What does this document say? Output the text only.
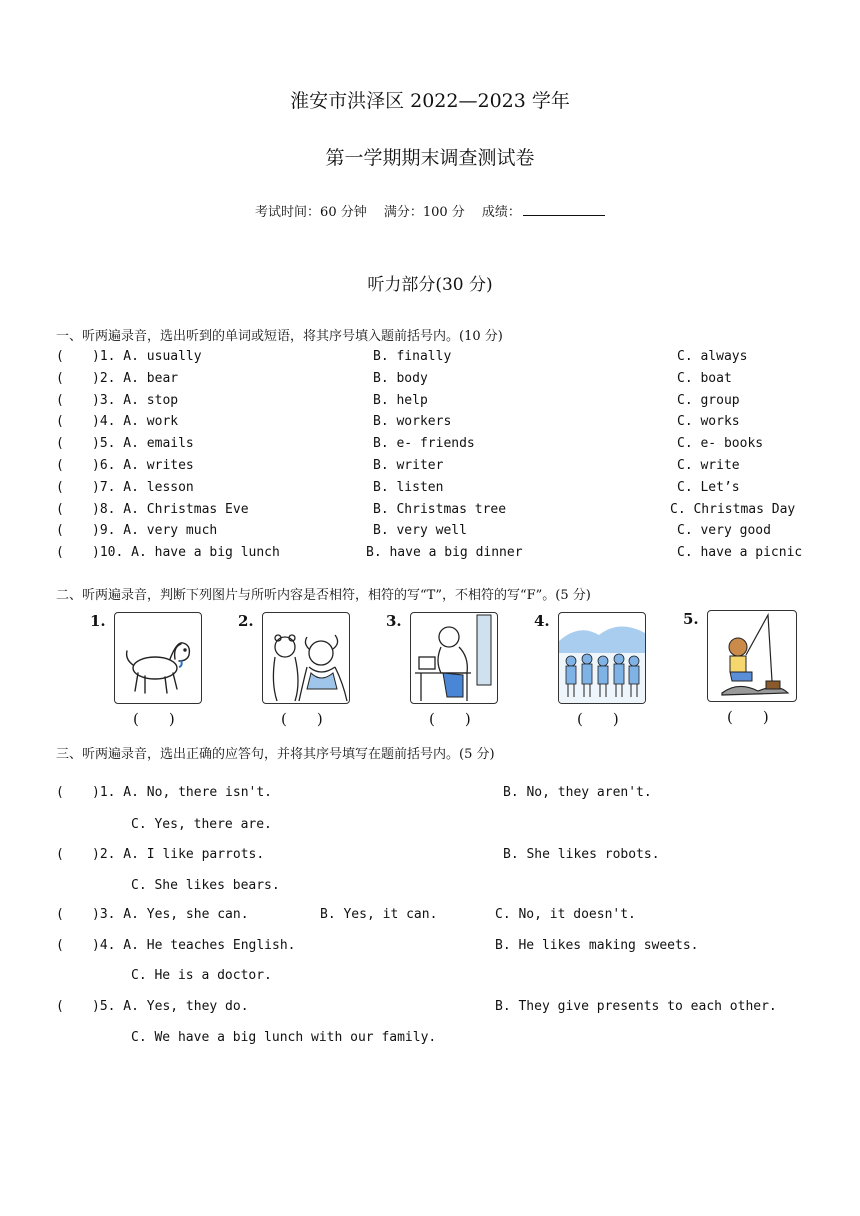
淮安市洪泽区 2022—2023 学年
第一学期期末调查测试卷
考试时间：60 分钟　 满分：100 分　 成绩：
听力部分(30 分)
一、听两遍录音，选出听到的单词或短语，将其序号填入题前括号内。(10 分)
( )1. A. usually	B. finally	C. always
( )2. A. bear	B. body	C. boat
( )3. A. stop	B. help	C. group
( )4. A. work	B. workers	C. works
( )5. A. emails	B. e- friends	C. e- books
( )6. A. writes	B. writer	C. write
( )7. A. lesson	B. listen	C. Let’s
( )8. A. Christmas Eve	B. Christmas tree	C. Christmas Day
( )9. A. very much	B. very well	C. very good
( )10. A. have a big lunch	B. have a big dinner	C. have a picnic
二、听两遍录音，判断下列图片与所听内容是否相符，相符的写“T”，不相符的写“F”。(5 分)
1.
(　　)
2.
(　　)
3.
(　　)
4.
(　　)
5.
(　　)
三、听两遍录音，选出正确的应答句，并将其序号填写在题前括号内。(5 分)
( )1. A. No, there isn't.	B. No, they aren't.
C. Yes, there are.
( )2. A. I like parrots.	B. She likes robots.
C. She likes bears.
( )3. A. Yes, she can.	B. Yes, it can.	C. No, it doesn't.
( )4. A. He teaches English.	B. He likes making sweets.
C. He is a doctor.
( )5. A. Yes, they do.	B. They give presents to each other.
C. We have a big lunch with our family.
